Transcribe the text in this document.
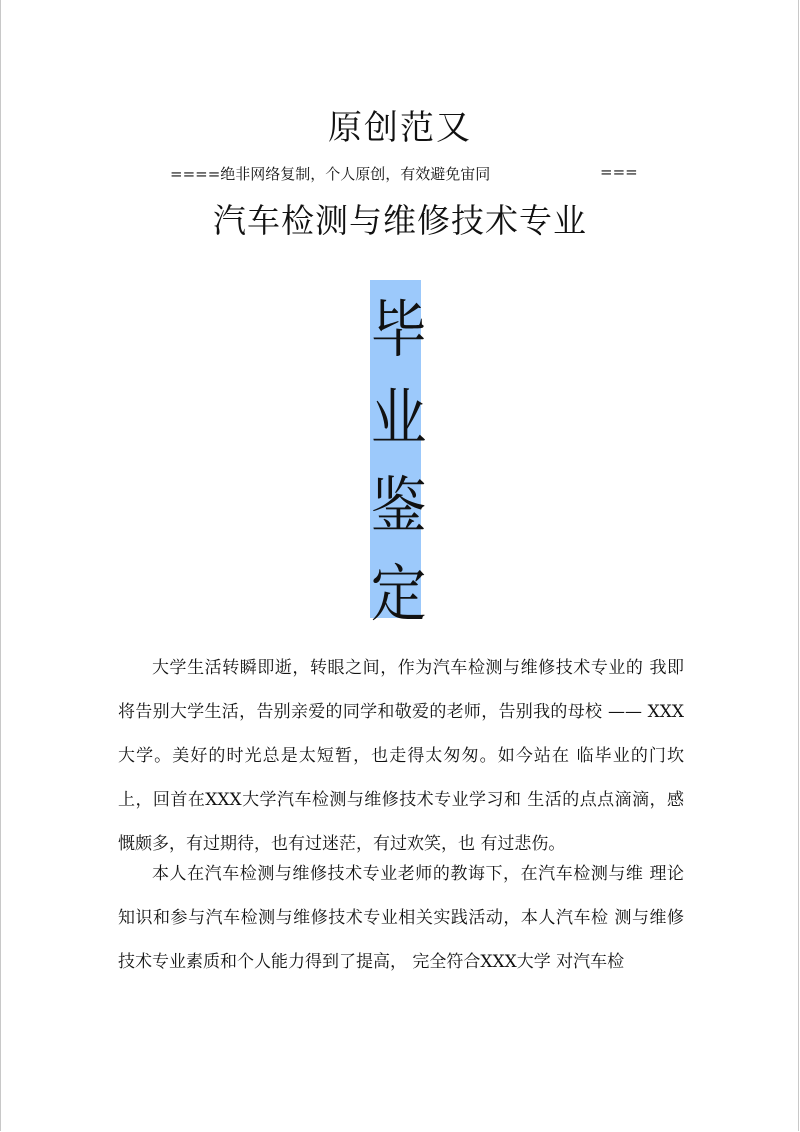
原创范又
====绝非网络复制，个人原创，有效避免宙同	===
汽车检测与维修技术专业
毕
业
鉴
定

大学生活转瞬即逝，转眼之间，作为汽车检测与维修技术专业的 我即将告别大学生活，告别亲爱的同学和敬爱的老师，告别我的母校 —— XXX大学。美好的时光总是太短暂，也走得太匆匆。如今站在 临毕业的门坎上，回首在XXX大学汽车检测与维修技术专业学习和 生活的点点滴滴，感慨颇多，有过期待，也有过迷茫，有过欢笑，也 有过悲伤。

本人在汽车检测与维修技术专业老师的教诲下，在汽车检测与维 理论知识和参与汽车检测与维修技术专业相关实践活动，本人汽车检 测与维修技术专业素质和个人能力得到了提高， 完全符合XXX大学 对汽车检
